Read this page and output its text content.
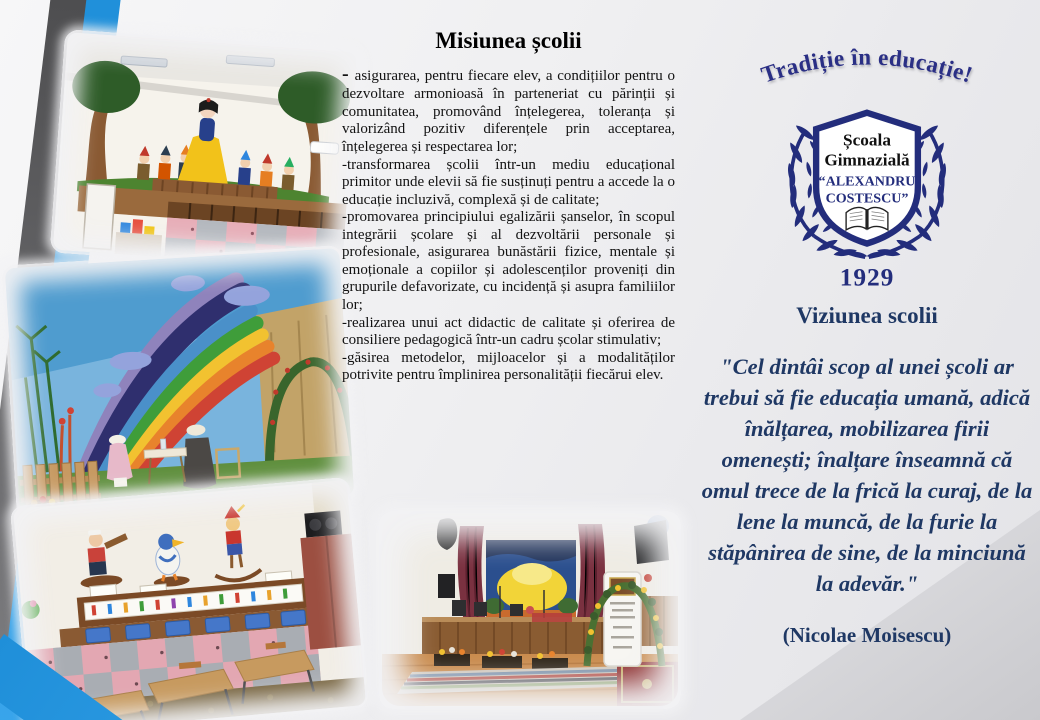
Misiunea școlii

- asigurarea, pentru fiecare elev, a condițiilor pentru o dezvoltare armonioasă în parteneriat cu părinții și comunitatea, promovând înțelegerea, toleranța și valorizând pozitiv diferențele prin acceptarea, înțelegerea și respectarea lor;

-transformarea școlii într-un mediu educațional primitor unde elevii să fie susținuți pentru a accede la o educație incluzivă, complexă și de calitate;

-promovarea principiului egalizării șanselor, în scopul integrării școlare și al dezvoltării personale și profesionale, asigurarea bunăstării fizice, mentale și emoționale a copiilor și adolescenților proveniți din grupurile defavorizate, cu incidență și asupra familiilor lor;

-realizarea unui act didactic de calitate și oferirea de consiliere pedagogică într-un cadru școlar stimulativ;

-găsirea metodelor, mijloacelor și a modalităților potrivite pentru împlinirea personalității fiecărui elev.

Tradiție în educație!
Școala
Gimnazială
“ALEXANDRU
COSTESCU”
1929
Viziunea scolii
"Cel dintâi scop al unei școli ar trebui să fie educația umană, adică înălțarea, mobilizarea firii omenești; înalțare înseamnă că omul trece de la frică la curaj, de la lene la muncă, de la furie la stăpânirea de sine, de la minciună la adevăr."
(Nicolae Moisescu)
